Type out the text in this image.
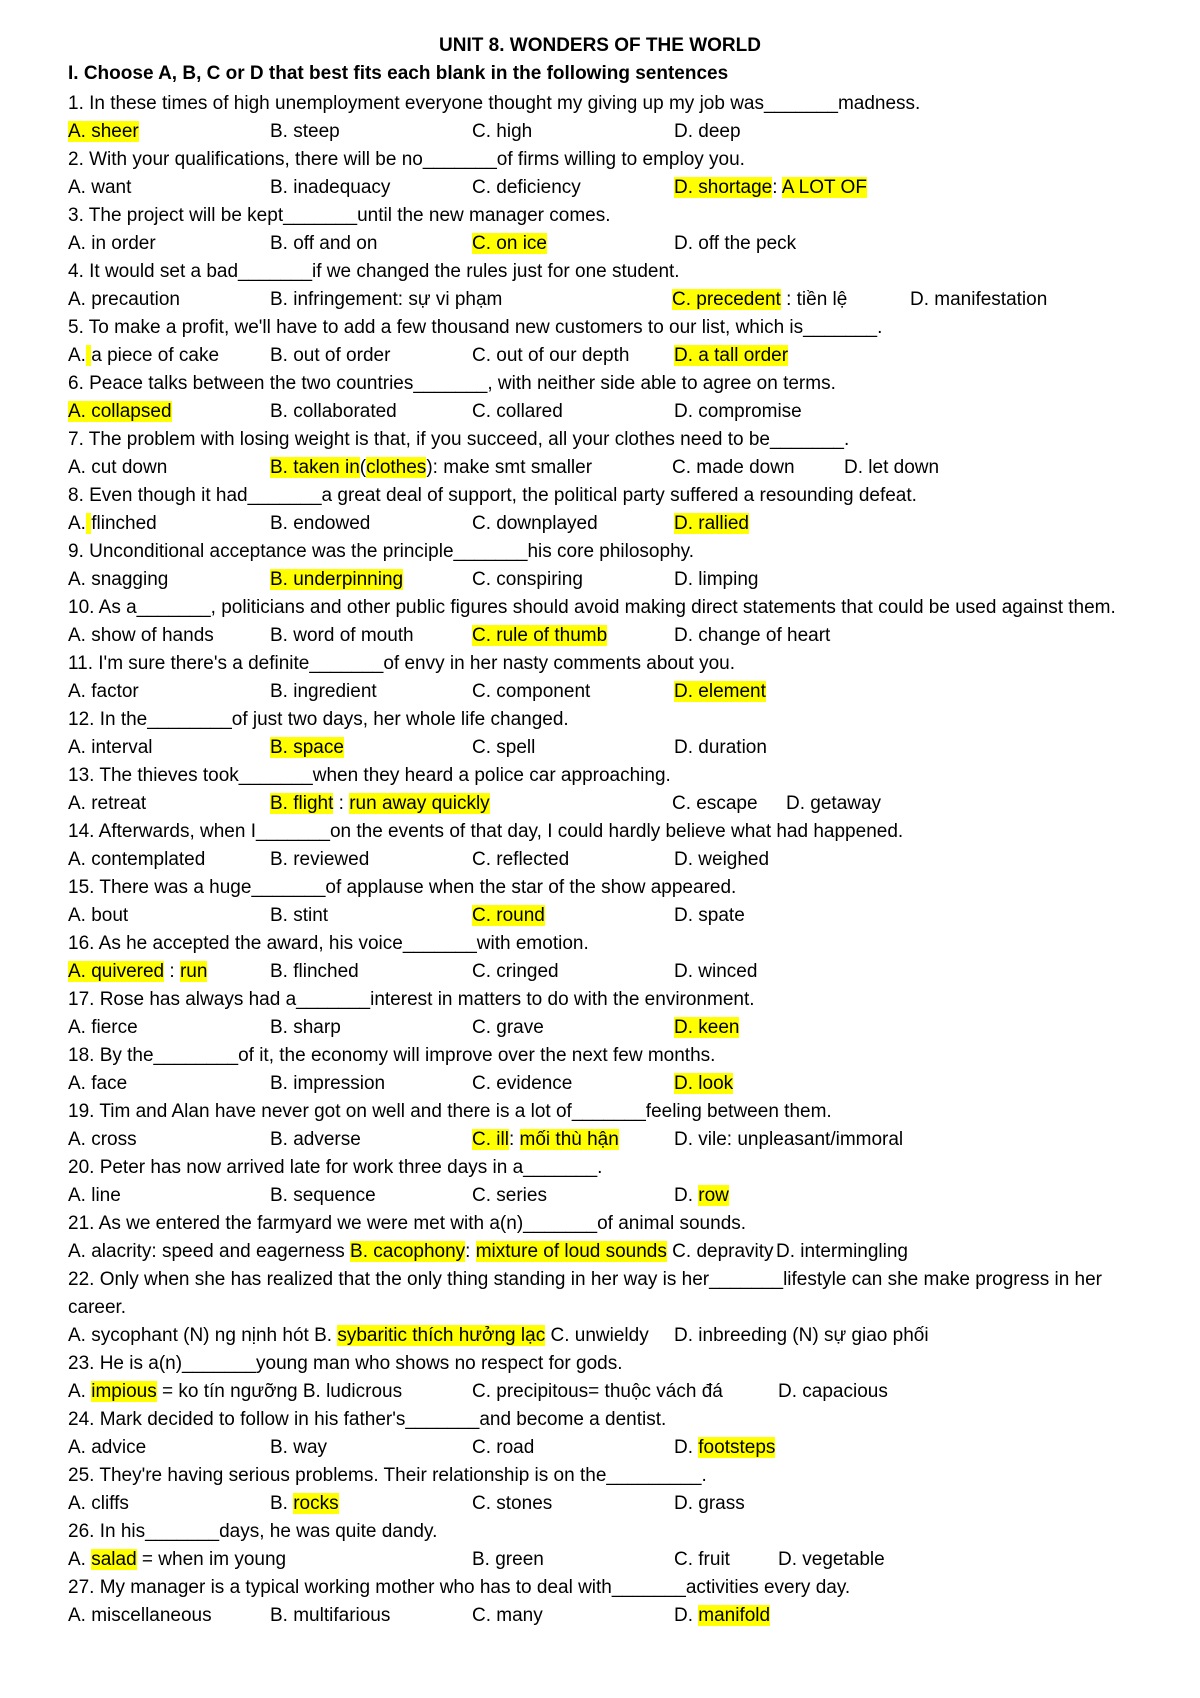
UNIT 8. WONDERS OF THE WORLD
I. Choose A, B, C or D that best fits each blank in the following sentences
1. In these times of high unemployment everyone thought my giving up my job was_______madness.
A. sheer	B. steep	C. high	D. deep
2. With your qualifications, there will be no_______of firms willing to employ you.
A. want	B. inadequacy	C. deficiency	D. shortage: A LOT OF
3. The project will be kept_______until the new manager comes.
A. in order	B. off and on	C. on ice	D. off the peck
4. It would set a bad_______if we changed the rules just for one student.
A. precaution	B. infringement: sự vi phạm	C. precedent : tiền lệ	D. manifestation
5. To make a profit, we'll have to add a few thousand new customers to our list, which is_______.
A. a piece of cake	B. out of order	C. out of our depth D. a tall order
6. Peace talks between the two countries_______, with neither side able to agree on terms.
A. collapsed	B. collaborated	C. collared	D. compromise
7. The problem with losing weight is that, if you succeed, all your clothes need to be_______.
A. cut down	B. taken in(clothes): make smt smaller	C. made down	D. let down
8. Even though it had_______a great deal of support, the political party suffered a resounding defeat.
A. flinched	B. endowed	C. downplayed	D. rallied
9. Unconditional acceptance was the principle_______his core philosophy.
A. snagging	B. underpinning	C. conspiring	D. limping
10. As a_______, politicians and other public figures should avoid making direct statements that could be used against them.
A. show of hands	B. word of mouth	C. rule of thumb	D. change of heart
11. I'm sure there's a definite_______of envy in her nasty comments about you.
A. factor	B. ingredient	C. component	D. element
12. In the________of just two days, her whole life changed.
A. interval	B. space	C. spell	D. duration
13. The thieves took_______when they heard a police car approaching.
A. retreat	B. flight : run away quickly	C. escape D. getaway
14. Afterwards, when I_______on the events of that day, I could hardly believe what had happened.
A. contemplated	B. reviewed	C. reflected	D. weighed
15. There was a huge_______of applause when the star of the show appeared.
A. bout	B. stint	C. round	D. spate
16. As he accepted the award, his voice_______with emotion.
A. quivered : run	B. flinched	C. cringed	D. winced
17. Rose has always had a_______interest in matters to do with the environment.
A. fierce	B. sharp	C. grave	D. keen
18. By the________of it, the economy will improve over the next few months.
A. face	B. impression	C. evidence	D. look
19. Tim and Alan have never got on well and there is a lot of_______feeling between them.
A. cross	B. adverse	C. ill: mối thù hận	D. vile: unpleasant/immoral
20. Peter has now arrived late for work three days in a_______.
A. line	B. sequence	C. series	D. row
21. As we entered the farmyard we were met with a(n)_______of animal sounds.
A. alacrity: speed and eagerness B. cacophony: mixture of loud sounds C. depravity D. intermingling
22. Only when she has realized that the only thing standing in her way is her_______lifestyle can she make progress in her career.
A. sycophant (N) ng nịnh hót B. sybaritic thích hưởng lạc C. unwieldy D. inbreeding (N) sự giao phối
23. He is a(n)_______young man who shows no respect for gods.
A. impious = ko tín ngưỡng B. ludicrous	C. precipitous= thuộc vách đá	D. capacious
24. Mark decided to follow in his father's_______and become a dentist.
A. advice	B. way	C. road	D. footsteps
25. They're having serious problems. Their relationship is on the_________.
A. cliffs	B. rocks	C. stones	D. grass
26. In his_______days, he was quite dandy.
A. salad = when im young	B. green	C. fruit	D. vegetable
27. My manager is a typical working mother who has to deal with_______activities every day.
A. miscellaneous	B. multifarious	C. many	D. manifold
